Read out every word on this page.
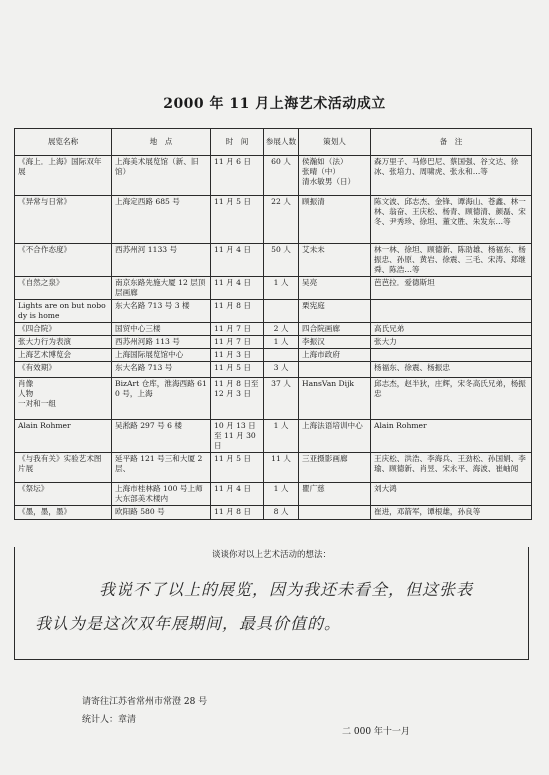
2000 年 11 月上海艺术活动成立
展览名称	地　点	时　间	参展人数	策划人	备　注
《海上．上海》国际双年展	上海美术展览馆（新、旧馆）	11 月 6 日	60 人	侯瀚如（法）
张晴（中）
清水敏男（日）	森万里子、马修巴尼、蔡国强、谷文达、徐冰、张培力、周啸虎、张永和…等
《异常与日常》	上海定西路 685 号	11 月 5 日	22 人	顾振清	陈文波、邱志杰、金锋、谭海山、苍鑫、林一林、翁奋、王庆松、杨青、顾德清、颜磊、宋冬、尹秀珍、徐坦、董文胜、朱发东…等
《不合作态度》	西苏州河 1133 号	11 月 4 日	50 人	艾未未	林一林、徐坦、顾德新、陈劭雄、杨福东、杨振忠、孙原、黄岩、徐震、三毛、宋涛、郑继舜、陈浩…等
《自然之泉》	南京东路先施大厦 12 层顶层画廊	11 月 4 日	1 人	吴亮	芭芭拉．爱德斯坦
Lights are on but nobody is home	东大名路 713 号 3 楼	11 月 8 日		栗宪庭	
《四合院》	国贸中心三楼	11 月 7 日	2 人	四合院画廊	高氏兄弟
张大力行为表演	西苏州河路 113 号	11 月 7 日	1 人	李振汉	张大力
上海艺术博览会	上海国际展览馆中心	11 月 3 日		上海市政府	
《有效期》	东大名路 713 号	11 月 5 日	3 人		杨福东、徐震、杨振忠
肖像
人物
一对和一组	BizArt 仓库，淮海西路 610 号，上海	11 月 8 日至 12 月 3 日	37 人	HansVan Dijk	邱志杰，赵半狄，庄辉，宋冬高氏兄弟，杨振忠
Alain Rohmer	吴淞路 297 号 6 楼	10 月 13 日至 11 月 30 日	1 人	上海法语培训中心	Alain Rohmer
《与我有关》实验艺术图片展	延平路 121 号三和大厦 2 层、	11 月 5 日	11 人	三亚摄影画廊	王庆松、洪浩、李海兵、王劲松、孙国娟、李瑜、顾德新、肖昱、宋永平、海波、崔岫闻
《祭坛》	上海市桂林路 100 号上师大东部美术楼内	11 月 4 日	1 人	瞿广慈	刘大鸿
《墨，墨，墨》	欧阳路 580 号	11 月 8 日	8 人		崔进，邓箭军，谭根雄，孙良等
谈谈你对以上艺术活动的想法：
我说不了以上的展览，因为我还未看全，但这张表
我认为是这次双年展期间，最具价值的。
请寄往江苏省常州市常澄 28 号
统计人：章清
二 000 年十一月
